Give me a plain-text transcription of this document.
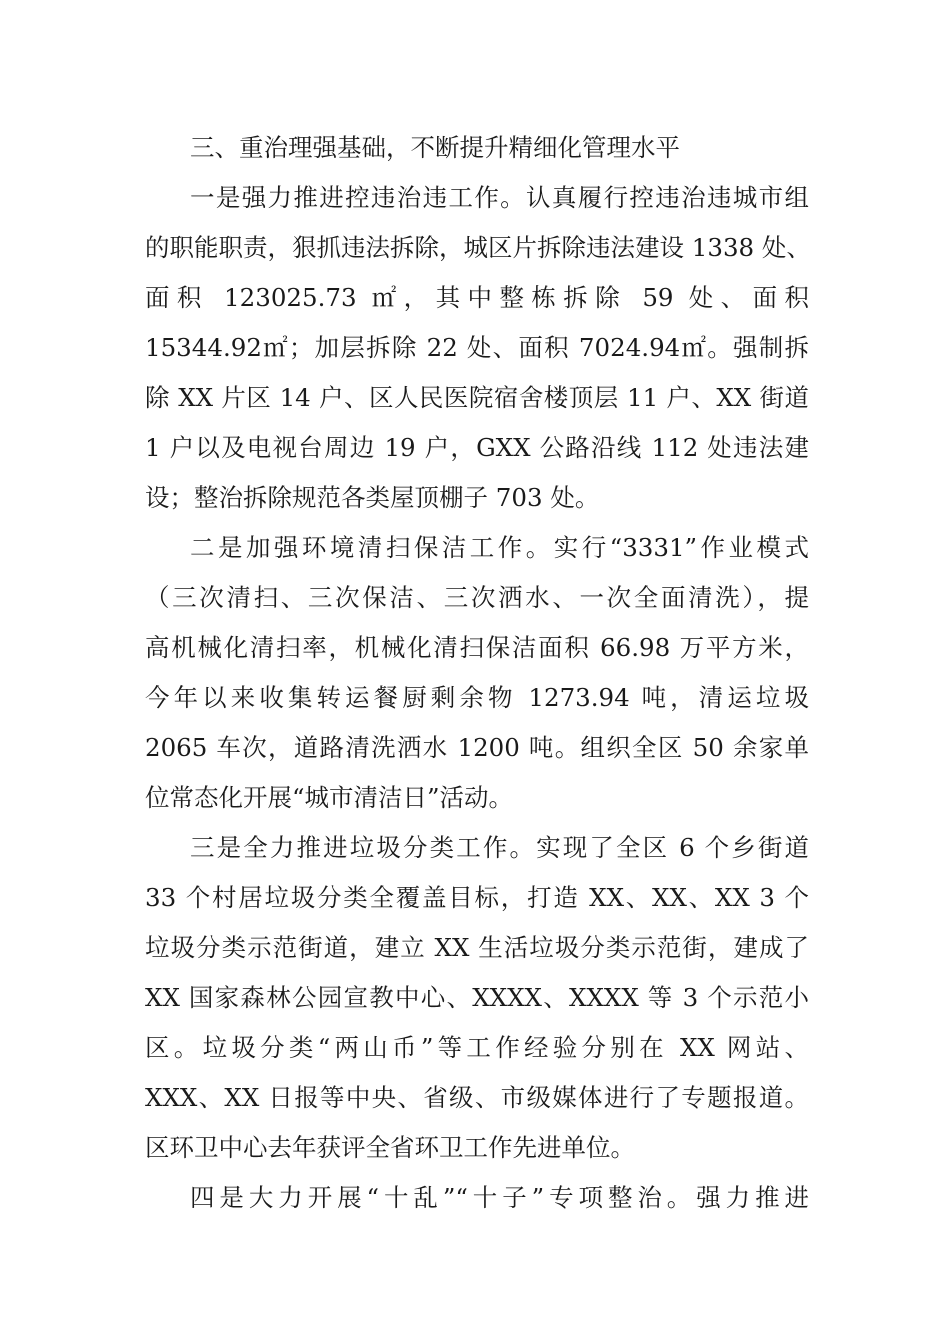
三、重治理强基础，不断提升精细化管理水平
一是强力推进控违治违工作。认真履行控违治违城市组
的职能职责，狠抓违法拆除，城区片拆除违法建设 1338 处、
面积 123025.73 ㎡，其中整栋拆除 59 处、面积
15344.92㎡；加层拆除 22 处、面积 7024.94㎡。强制拆
除 XX 片区 14 户、区人民医院宿舍楼顶层 11 户、XX 街道
1 户以及电视台周边 19 户，GXX 公路沿线 112 处违法建
设；整治拆除规范各类屋顶棚子 703 处。
二是加强环境清扫保洁工作。实行“3331”作业模式
（三次清扫、三次保洁、三次洒水、一次全面清洗），提
高机械化清扫率，机械化清扫保洁面积 66.98 万平方米，
今年以来收集转运餐厨剩余物 1273.94 吨，清运垃圾
2065 车次，道路清洗洒水 1200 吨。组织全区 50 余家单
位常态化开展“城市清洁日”活动。
三是全力推进垃圾分类工作。实现了全区 6 个乡街道
33 个村居垃圾分类全覆盖目标，打造 XX、XX、XX 3 个
垃圾分类示范街道，建立 XX 生活垃圾分类示范街，建成了
XX 国家森林公园宣教中心、XXXX、XXXX 等 3 个示范小
区。垃圾分类“两山币”等工作经验分别在 XX 网站、
XXX、XX 日报等中央、省级、市级媒体进行了专题报道。
区环卫中心去年获评全省环卫工作先进单位。
四是大力开展“十乱”“十子”专项整治。强力推进
